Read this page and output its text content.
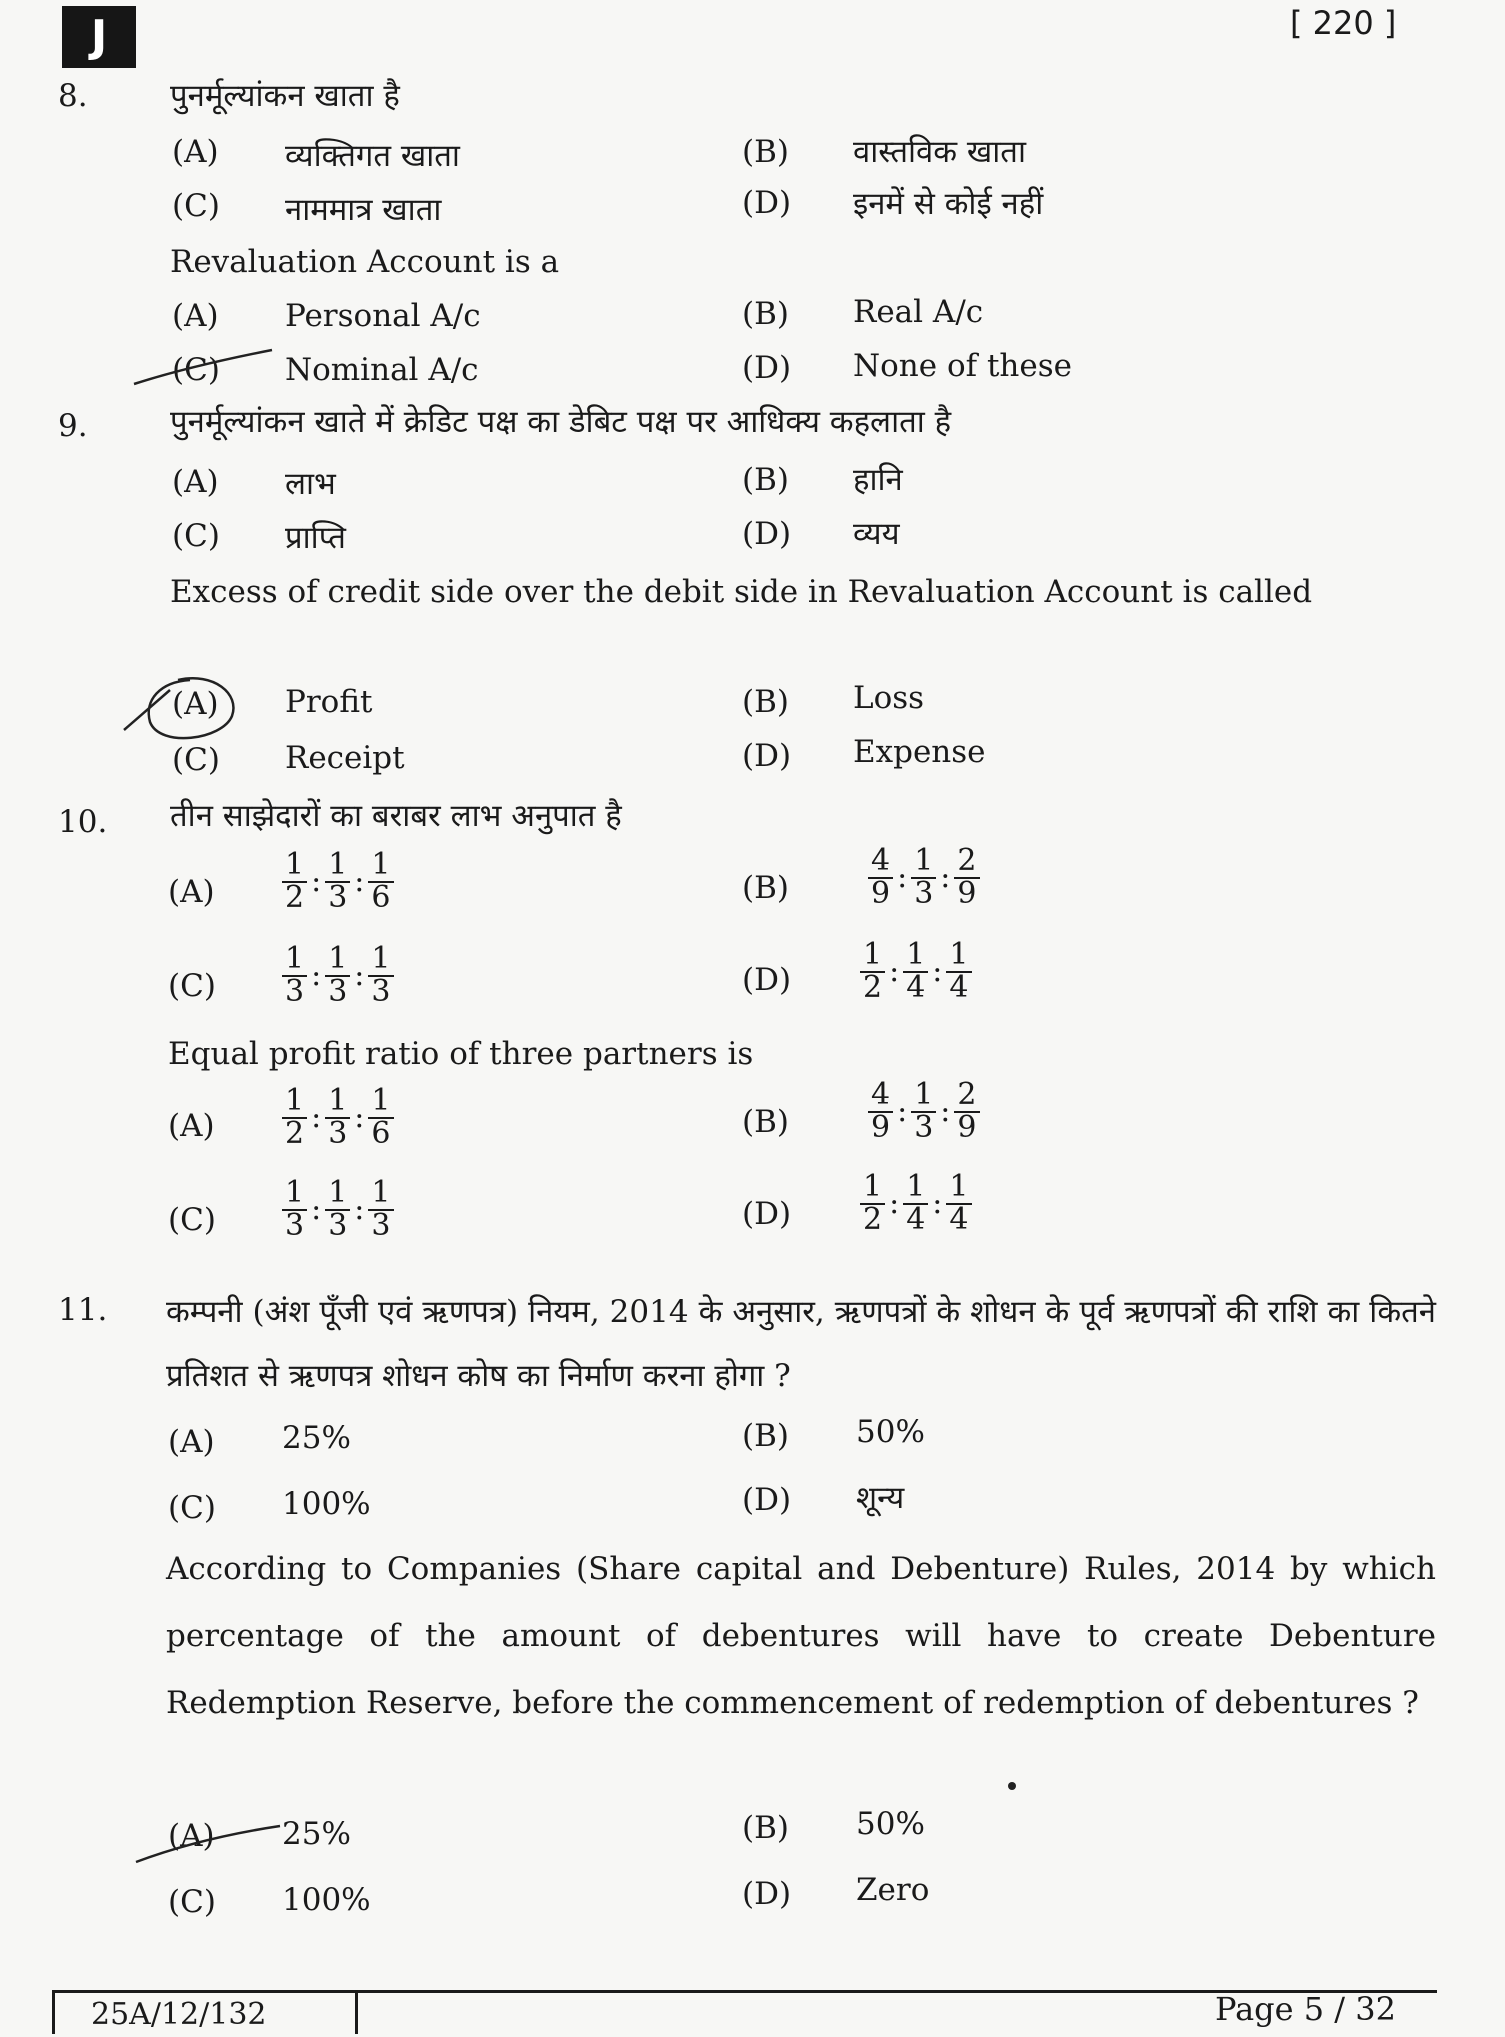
J	[ 220 ]
8.	पुनर्मूल्यांकन खाता है
(A) व्यक्तिगत खाता	(B) वास्तविक खाता
(C) नाममात्र खाता	(D) इनमें से कोई नहीं
Revaluation Account is a
(A) Personal A/c	(B) Real A/c
(C) Nominal A/c	(D) None of these
9.	पुनर्मूल्यांकन खाते में क्रेडिट पक्ष का डेबिट पक्ष पर आधिक्य कहलाता है
(A) लाभ	(B) हानि
(C) प्राप्ति	(D) व्यय
Excess of credit side over the debit side in Revaluation Account is called
(A) Profit	(B) Loss
(C) Receipt	(D) Expense
10. तीन साझेदारों का बराबर लाभ अनुपात है
$(A) \frac{1}{2}$ : $\frac{1}{3}$ : $\frac{1}{6}$	(B)	$\frac{4}{9}$ : $\frac{1}{3}$ : $\frac{2}{9}$
$(C) \frac{1}{3}$ : $\frac{1}{3}$ : $\frac{1}{3}$	$(D) \frac{1}{2}$ : $\frac{1}{4}$ : $\frac{1}{4}$
Equal profit ratio of three partners is
$(A) \frac{1}{2}$ : $\frac{1}{3}$ : $\frac{1}{6}$	(B)	$\frac{4}{9}$ : $\frac{1}{3}$ : $\frac{2}{9}$
$(C) \frac{1}{3}$ : $\frac{1}{3}$ : $\frac{1}{3}$	$(D) \frac{1}{2}$ : $\frac{1}{4}$ : $\frac{1}{4}$
11. कम्पनी (अंश पूँजी एवं ऋणपत्र) नियम, 2014 के अनुसार, ऋणपत्रों के शोधन के पूर्व ऋणपत्रों की राशि का कितने प्रतिशत से ऋणपत्र शोधन कोष का निर्माण करना होगा ?
(A) 25%	(B) 50%
(C) 100%	(D) शून्य
According to Companies (Share capital and Debenture) Rules, 2014 by which percentage of the amount of debentures will have to create Debenture Redemption Reserve, before the commencement of redemption of debentures ?
(A) 25%	(B) 50%
(C) 100%	(D) Zero
25A/12/132	Page 5 / 32
